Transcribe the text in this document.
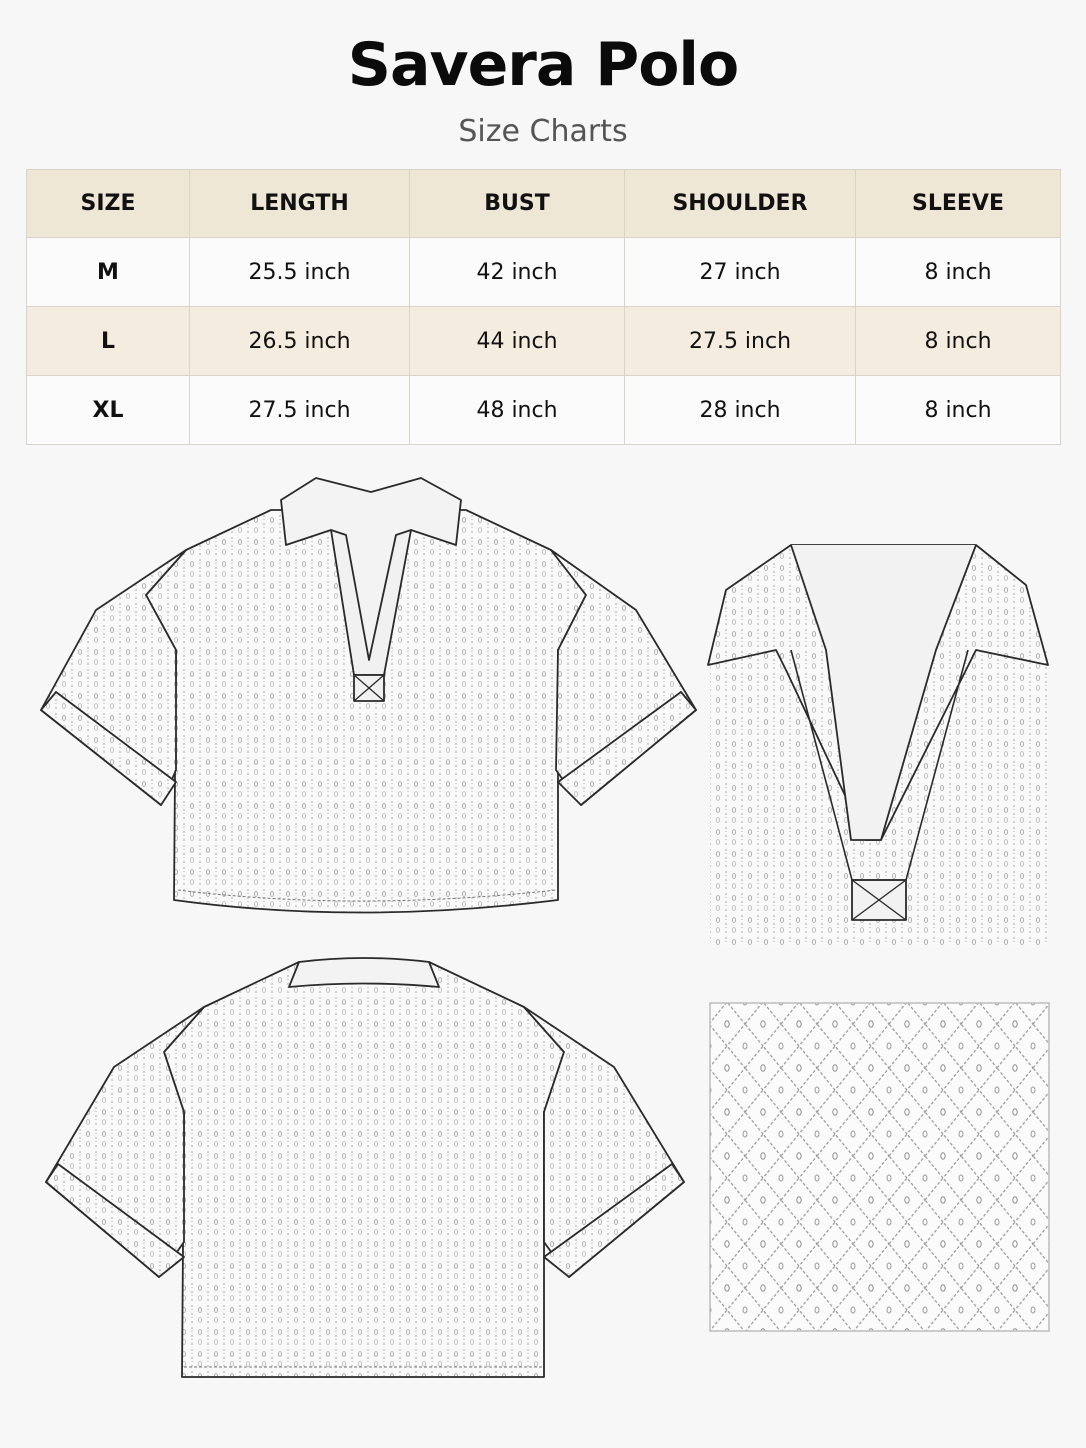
Savera Polo
Size Charts
SIZE	LENGTH	BUST	SHOULDER	SLEEVE
M	25.5 inch	42 inch	27 inch	8 inch
L	26.5 inch	44 inch	27.5 inch	8 inch
XL	27.5 inch	48 inch	28 inch	8 inch
